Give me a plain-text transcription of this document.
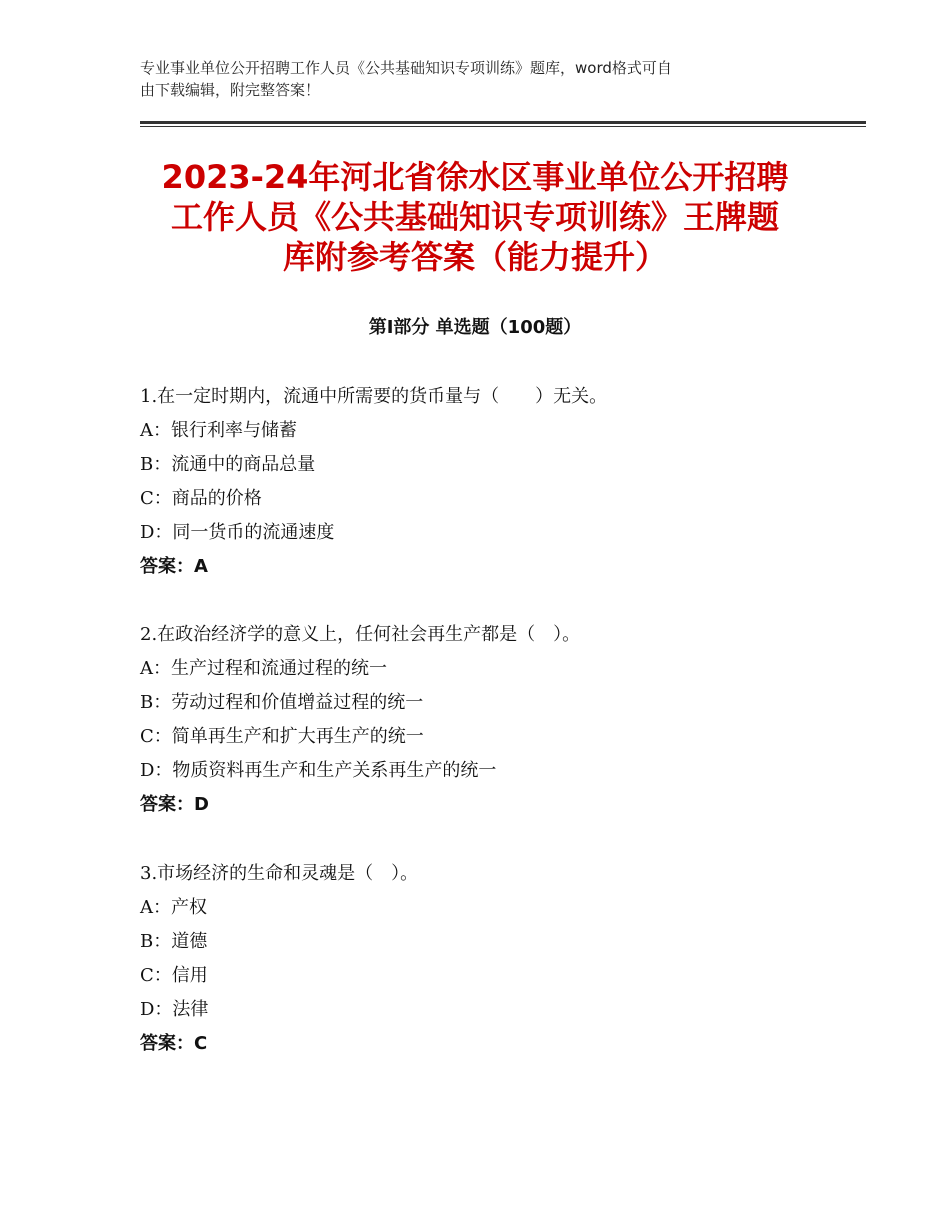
专业事业单位公开招聘工作人员《公共基础知识专项训练》题库，word格式可自
由下载编辑，附完整答案！
2023-24年河北省徐水区事业单位公开招聘
工作人员《公共基础知识专项训练》王牌题
库附参考答案（能力提升）
第Ⅰ部分 单选题（100题）
1.在一定时期内，流通中所需要的货币量与（　　）无关。
A：银行利率与储蓄
B：流通中的商品总量
C：商品的价格
D：同一货币的流通速度
答案：A
2.在政治经济学的意义上，任何社会再生产都是（　）。
A：生产过程和流通过程的统一
B：劳动过程和价值增益过程的统一
C：简单再生产和扩大再生产的统一
D：物质资料再生产和生产关系再生产的统一
答案：D
3.市场经济的生命和灵魂是（　）。
A：产权
B：道德
C：信用
D：法律
答案：C
